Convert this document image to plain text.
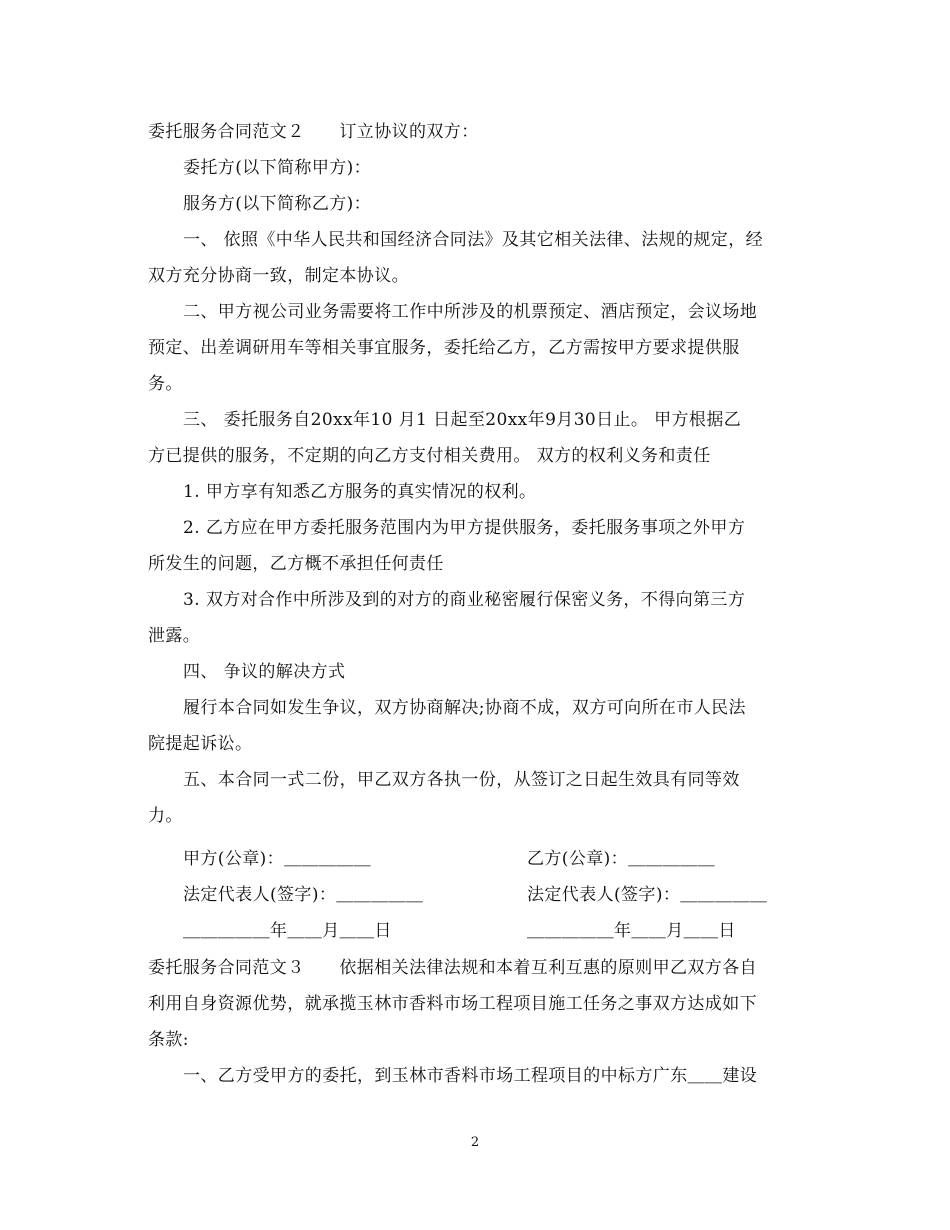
委托服务合同范文２　　订立协议的双方：
委托方(以下简称甲方)：
服务方(以下简称乙方)：
一、 依照《中华人民共和国经济合同法》及其它相关法律、法规的规定，经
双方充分协商一致，制定本协议。
二、甲方视公司业务需要将工作中所涉及的机票预定、酒店预定，会议场地
预定、出差调研用车等相关事宜服务，委托给乙方，乙方需按甲方要求提供服
务。
三、 委托服务自20xx年10 月1 日起至20xx年9月30日止。 甲方根据乙
方已提供的服务，不定期的向乙方支付相关费用。 双方的权利义务和责任
1. 甲方享有知悉乙方服务的真实情况的权利。
2. 乙方应在甲方委托服务范围内为甲方提供服务，委托服务事项之外甲方
所发生的问题，乙方概不承担任何责任
3. 双方对合作中所涉及到的对方的商业秘密履行保密义务，不得向第三方
泄露。
四、 争议的解决方式
履行本合同如发生争议，双方协商解决;协商不成，双方可向所在市人民法
院提起诉讼。
五、本合同一式二份，甲乙双方各执一份，从签订之日起生效具有同等效
力。
甲方(公章)：＿＿＿＿＿	乙方(公章)：＿＿＿＿＿
法定代表人(签字)：＿＿＿＿＿	法定代表人(签字)：＿＿＿＿＿
＿＿＿＿＿年＿＿月＿＿日	＿＿＿＿＿年＿＿月＿＿日
委托服务合同范文３　　依据相关法律法规和本着互利互惠的原则甲乙双方各自
利用自身资源优势，就承揽玉林市香料市场工程项目施工任务之事双方达成如下
条款:
一、乙方受甲方的委托，到玉林市香料市场工程项目的中标方广东＿＿建设
2
